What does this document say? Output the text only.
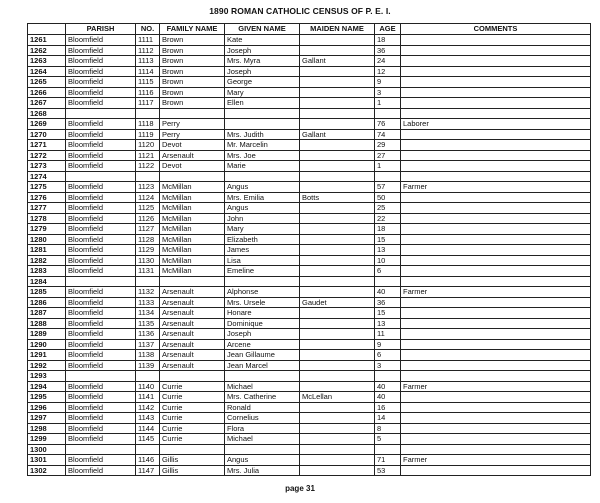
1890 ROMAN CATHOLIC CENSUS OF P. E. I.
	PARISH	NO.	FAMILY NAME	GIVEN NAME	MAIDEN NAME	AGE	COMMENTS
1261	Bloomfield	1111	Brown	Kate		18	
1262	Bloomfield	1112	Brown	Joseph		36	
1263	Bloomfield	1113	Brown	Mrs. Myra	Gallant	24	
1264	Bloomfield	1114	Brown	Joseph		12	
1265	Bloomfield	1115	Brown	George		9	
1266	Bloomfield	1116	Brown	Mary		3	
1267	Bloomfield	1117	Brown	Ellen		1	
1268							
1269	Bloomfield	1118	Perry			76	Laborer
1270	Bloomfield	1119	Perry	Mrs. Judith	Gallant	74	
1271	Bloomfield	1120	Devot	Mr. Marcelin		29	
1272	Bloomfield	1121	Arsenault	Mrs. Joe		27	
1273	Bloomfield	1122	Devot	Marie		1	
1274							
1275	Bloomfield	1123	McMillan	Angus		57	Farmer
1276	Bloomfield	1124	McMillan	Mrs. Emilia	Botts	50	
1277	Bloomfield	1125	McMillan	Angus		25	
1278	Bloomfield	1126	McMillan	John		22	
1279	Bloomfield	1127	McMillan	Mary		18	
1280	Bloomfield	1128	McMillan	Elizabeth		15	
1281	Bloomfield	1129	McMillan	James		13	
1282	Bloomfield	1130	McMillan	Lisa		10	
1283	Bloomfield	1131	McMillan	Emeline		6	
1284							
1285	Bloomfield	1132	Arsenault	Alphonse		40	Farmer
1286	Bloomfield	1133	Arsenault	Mrs. Ursele	Gaudet	36	
1287	Bloomfield	1134	Arsenault	Honare		15	
1288	Bloomfield	1135	Arsenault	Dominique		13	
1289	Bloomfield	1136	Arsenault	Joseph		11	
1290	Bloomfield	1137	Arsenault	Arcene		9	
1291	Bloomfield	1138	Arsenault	Jean Gillaume		6	
1292	Bloomfield	1139	Arsenault	Jean Marcel		3	
1293							
1294	Bloomfield	1140	Currie	Michael		40	Farmer
1295	Bloomfield	1141	Currie	Mrs. Catherine	McLellan	40	
1296	Bloomfield	1142	Currie	Ronald		16	
1297	Bloomfield	1143	Currie	Cornelius		14	
1298	Bloomfield	1144	Currie	Flora		8	
1299	Bloomfield	1145	Currie	Michael		5	
1300							
1301	Bloomfield	1146	Gillis	Angus		71	Farmer
1302	Bloomfield	1147	Gillis	Mrs. Julia		53	
page 31
